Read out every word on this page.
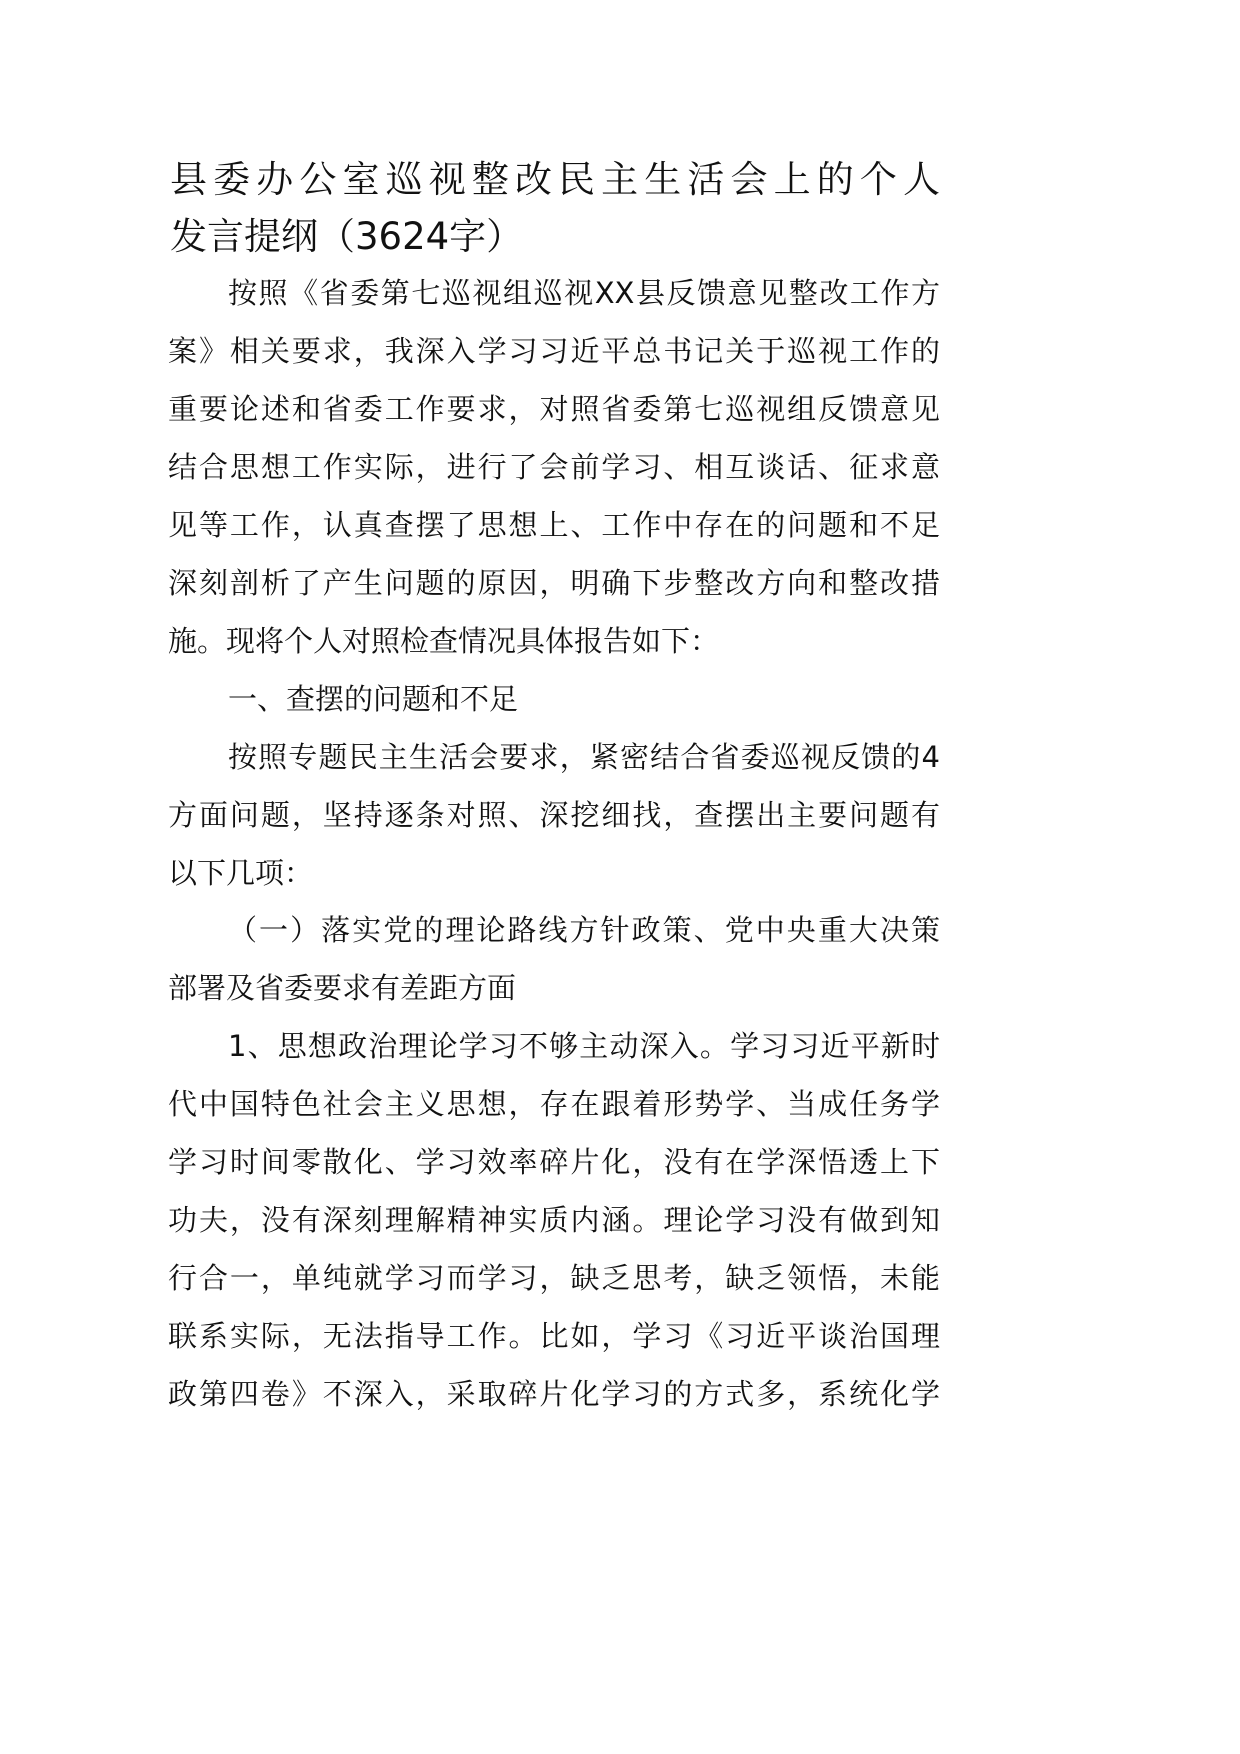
县委办公室巡视整改民主生活会上的个人
发言提纲（3624字）
按照《省委第七巡视组巡视XX县反馈意见整改工作方
案》相关要求，我深入学习习近平总书记关于巡视工作的
重要论述和省委工作要求，对照省委第七巡视组反馈意见
结合思想工作实际，进行了会前学习、相互谈话、征求意
见等工作，认真查摆了思想上、工作中存在的问题和不足
深刻剖析了产生问题的原因，明确下步整改方向和整改措
施。现将个人对照检查情况具体报告如下：
一、查摆的问题和不足
按照专题民主生活会要求，紧密结合省委巡视反馈的4
方面问题，坚持逐条对照、深挖细找，查摆出主要问题有
以下几项：
（一）落实党的理论路线方针政策、党中央重大决策
部署及省委要求有差距方面
1、思想政治理论学习不够主动深入。学习习近平新时
代中国特色社会主义思想，存在跟着形势学、当成任务学
学习时间零散化、学习效率碎片化，没有在学深悟透上下
功夫，没有深刻理解精神实质内涵。理论学习没有做到知
行合一，单纯就学习而学习，缺乏思考，缺乏领悟，未能
联系实际，无法指导工作。比如，学习《习近平谈治国理
政第四卷》不深入，采取碎片化学习的方式多，系统化学
